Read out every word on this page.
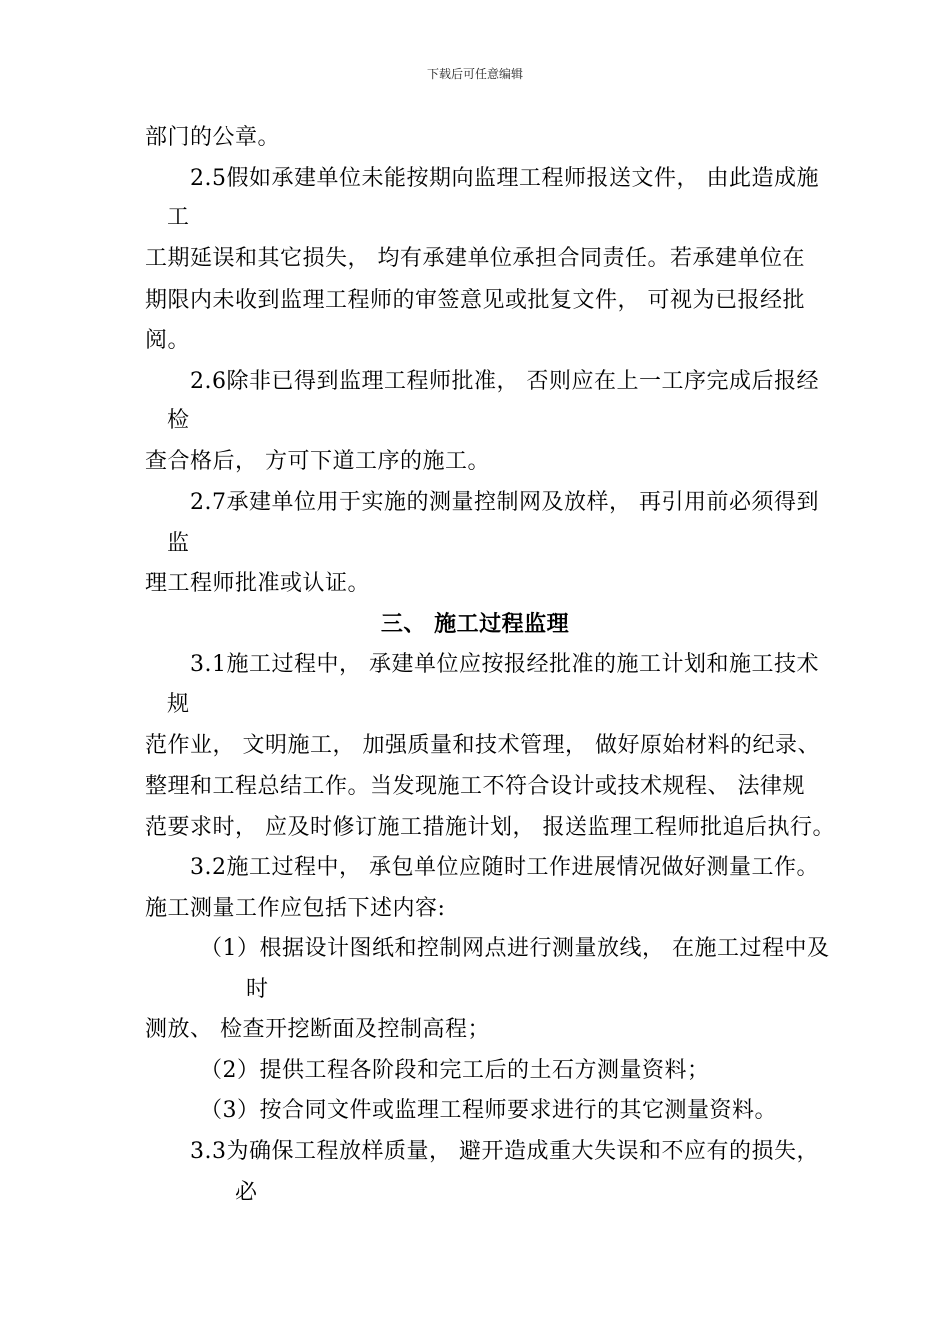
下载后可任意编辑
部门的公章。
2.5假如承建单位未能按期向监理工程师报送文件， 由此造成施
工
工期延误和其它损失， 均有承建单位承担合同责任。若承建单位在
期限内未收到监理工程师的审签意见或批复文件， 可视为已报经批
阅。
2.6除非已得到监理工程师批准， 否则应在上一工序完成后报经
检
查合格后， 方可下道工序的施工。
2.7承建单位用于实施的测量控制网及放样， 再引用前必须得到
监
理工程师批准或认证。
三、 施工过程监理
3.1施工过程中， 承建单位应按报经批准的施工计划和施工技术
规
范作业， 文明施工， 加强质量和技术管理， 做好原始材料的纪录、
整理和工程总结工作。当发现施工不符合设计或技术规程、 法律规
范要求时， 应及时修订施工措施计划， 报送监理工程师批追后执行。
3.2施工过程中， 承包单位应随时工作进展情况做好测量工作。
施工测量工作应包括下述内容:
（1）根据设计图纸和控制网点进行测量放线， 在施工过程中及
时
测放、 检查开挖断面及控制高程；
（2）提供工程各阶段和完工后的土石方测量资料；
（3）按合同文件或监理工程师要求进行的其它测量资料。
3.3为确保工程放样质量， 避开造成重大失误和不应有的损失，
必
